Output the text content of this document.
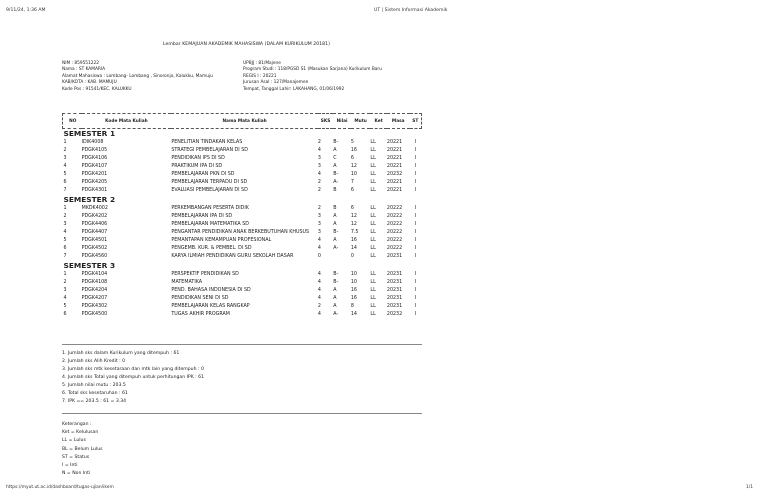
9/11/24, 1:36 AM	UT | Sistem Informasi Akademik
Lembar KEMAJUAN AKADEMIK MAHASISWA (DALAM KURIKULUM 20181)
NIM : 859551222
Nama : ST KAMARIA
Alamat Mahasiswa : Lombang- Lombang , Sinoronjo, Kalukku, Mamuju
KAB/KOTA : KAB. MAMUJU
Kode Pos : 91541/KEC. KALUKKU
UPBJJ : 81/Majene
Program Studi : 118/PGSD S1 (Masukan Sarjana) Kurikulum Baru
REGIS I : 20221
Jurusan Asal : 127/Manajemen
Tempat, Tanggal Lahir: LAKAHANG, 01/06/1992
NO	Kode Mata Kuliah	Nama Mata Kuliah	SKS	Nilai	Mutu	Ket	Masa	ST
SEMESTER 1								
1	IDIK4008	PENELITIAN TINDAKAN KELAS	2	B-	5	LL	20221	I
2	PDGK4105	STRATEGI PEMBELAJARAN DI SD	4	A	16	LL	20221	I
3	PDGK4106	PENDIDIKAN IPS DI SD	3	C	6	LL	20221	I
4	PDGK4107	PRAKTIKUM IPA DI SD	3	A	12	LL	20221	I
5	PDGK4201	PEMBELAJARAN PKN DI SD	4	B-	10	LL	20232	I
6	PDGK4205	PEMBELAJARAN TERPADU DI SD	2	A-	7	LL	20221	I
7	PDGK4301	EVALUASI PEMBELAJARAN DI SD	2	B	6	LL	20221	I
SEMESTER 2								
1	MKDK4002	PERKEMBANGAN PESERTA DIDIK	2	B	6	LL	20222	I
2	PDGK4202	PEMBELAJARAN IPA DI SD	3	A	12	LL	20222	I
3	PDGK4406	PEMBELAJARAN MATEMATIKA SD	3	A	12	LL	20222	I
4	PDGK4407	PENGANTAR PENDIDIKAN ANAK BERKEBUTUHAN KHUSUS	3	B-	7.5	LL	20222	I
5	PDGK4501	PEMANTAPAN KEMAMPUAN PROFESIONAL	4	A	16	LL	20222	I
6	PDGK4502	PENGEMB. KUR. & PEMBEL. DI SD	4	A-	14	LL	20222	I
7	PDGK4560	KARYA ILMIAH PENDIDIKAN GURU SEKOLAH DASAR	0		0	LL	20231	I
SEMESTER 3								
1	PDGK4104	PERSPEKTIF PENDIDIKAN SD	4	B-	10	LL	20231	I
2	PDGK4108	MATEMATIKA	4	B-	10	LL	20231	I
3	PDGK4204	PEND. BAHASA INDONESIA DI SD	4	A	16	LL	20231	I
4	PDGK4207	PENDIDIKAN SENI DI SD	4	A	16	LL	20231	I
5	PDGK4302	PEMBELAJARAN KELAS RANGKAP	2	A	8	LL	20231	I
6	PDGK4500	TUGAS AKHIR PROGRAM	4	A-	14	LL	20232	I
1. Jumlah sks dalam Kurikulum yang ditempuh : 61
2. Jumlah sks Alih Kredit : 0
3. Jumlah sks mtk kesetaraan dan mtk lain yang ditempuh : 0
4. Jumlah sks Total yang ditempuh untuk perhitungan IPK : 61
5. Jumlah nilai mutu : 203.5
6. Total sks kesetaruhan : 61
7. IPK == 203.5 : 61 = 3.34
Keterangan :
Ket = Kelulusan
LL = Lulus
BL = Belum Lulus
ST = Status
I = Inti
N = Non Inti
https://myut.ut.ac.id/dashboard/tugas-ujian/ikem	1/1
